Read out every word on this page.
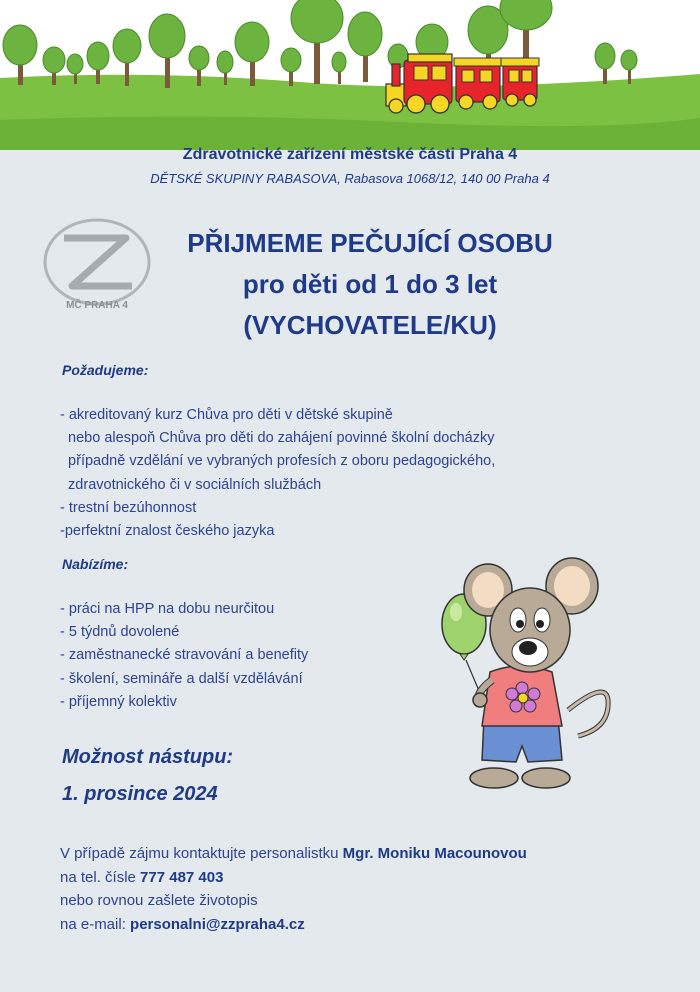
Zdravotnické zařízení městské části Praha 4
DĚTSKÉ SKUPINY RABASOVA, Rabasova 1068/12, 140 00 Praha 4
MČ PRAHA 4
PŘIJMEME PEČUJÍCÍ OSOBU
pro děti od 1 do 3 let
(VYCHOVATELE/KU)
Požadujeme:
- akreditovaný kurz Chůva pro děti v dětské skupině
nebo alespoň Chůva pro děti do zahájení povinné školní docházky
případně vzdělání ve vybraných profesích z oboru pedagogického,
zdravotnického či v sociálních službách
- trestní bezúhonnost
-perfektní znalost českého jazyka
Nabízíme:
- práci na HPP na dobu neurčitou
- 5 týdnů dovolené
- zaměstnanecké stravování a benefity
- školení, semináře a další vzdělávání
- příjemný kolektiv
Možnost nástupu:
1. prosince 2024
V případě zájmu kontaktujte personalistku Mgr. Moniku Macounovou
na tel. čísle 777 487 403
nebo rovnou zašlete životopis
na e-mail: personalni@zzpraha4.cz
